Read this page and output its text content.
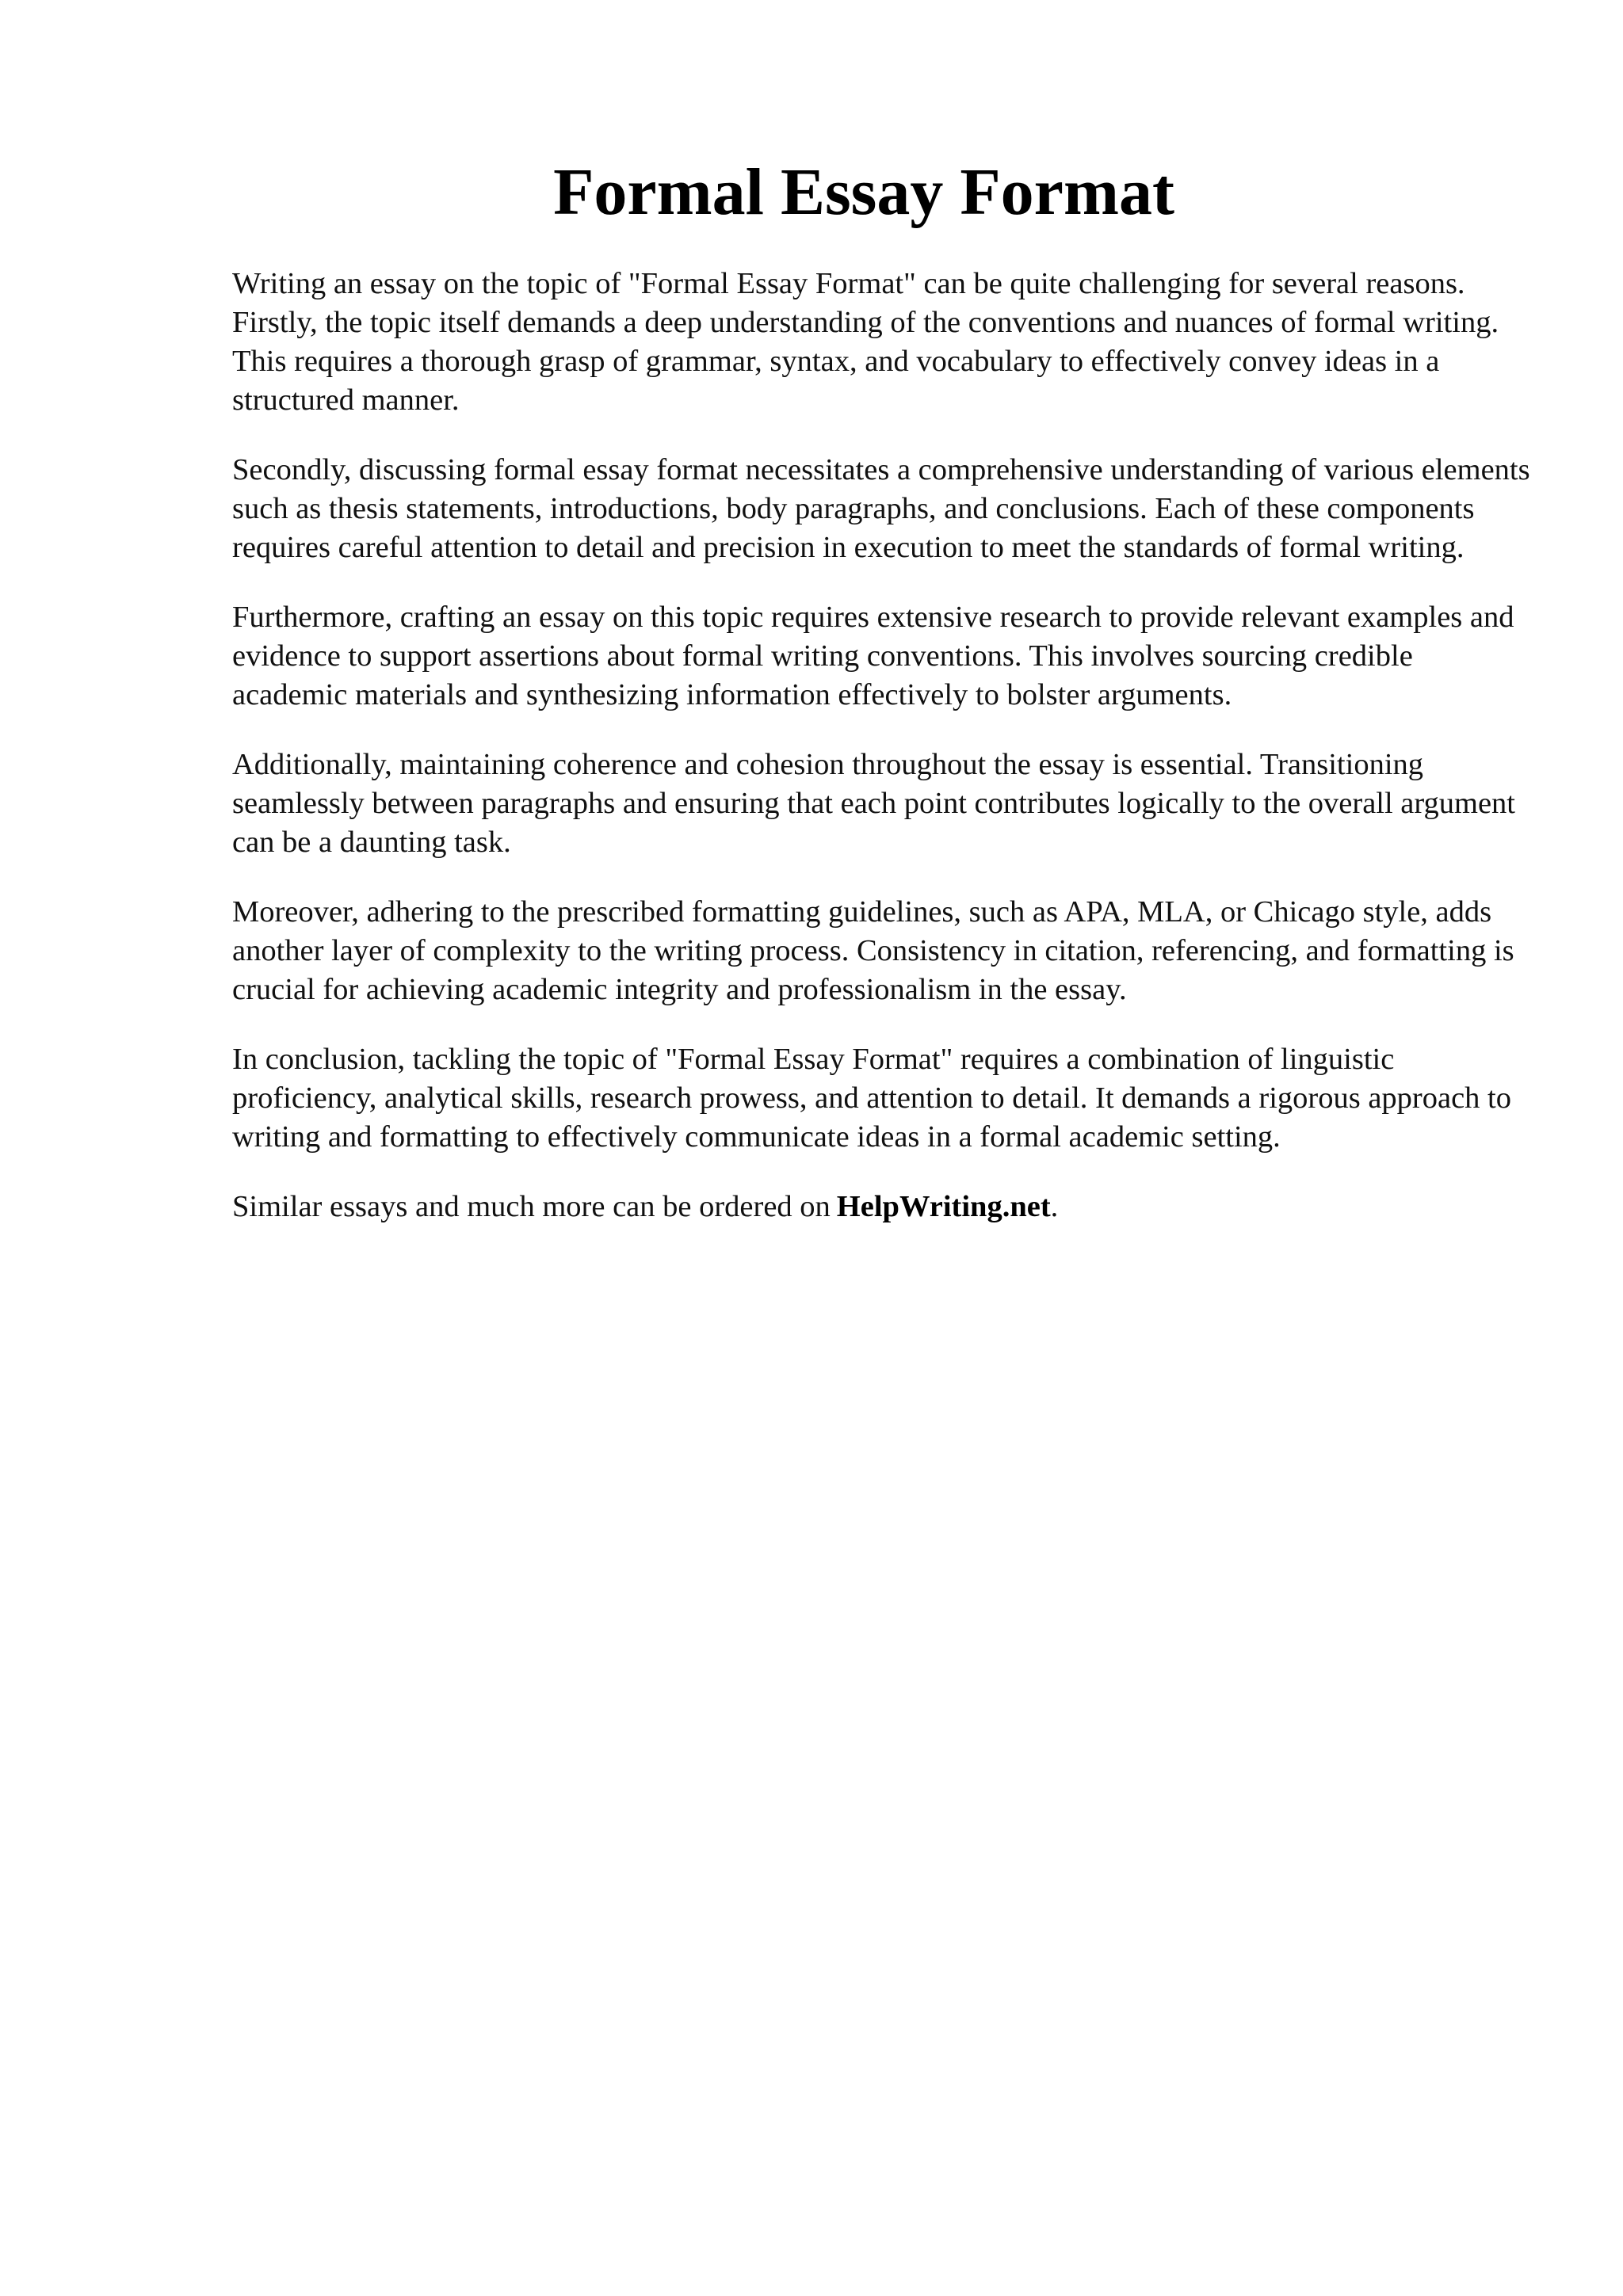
Formal Essay Format

Writing an essay on the topic of "Formal Essay Format" can be quite challenging for several reasons. Firstly, the topic itself demands a deep understanding of the conventions and nuances of formal writing. This requires a thorough grasp of grammar, syntax, and vocabulary to effectively convey ideas in a structured manner.

Secondly, discussing formal essay format necessitates a comprehensive understanding of various elements such as thesis statements, introductions, body paragraphs, and conclusions. Each of these components requires careful attention to detail and precision in execution to meet the standards of formal writing.

Furthermore, crafting an essay on this topic requires extensive research to provide relevant examples and evidence to support assertions about formal writing conventions. This involves sourcing credible academic materials and synthesizing information effectively to bolster arguments.

Additionally, maintaining coherence and cohesion throughout the essay is essential. Transitioning seamlessly between paragraphs and ensuring that each point contributes logically to the overall argument can be a daunting task.

Moreover, adhering to the prescribed formatting guidelines, such as APA, MLA, or Chicago style, adds another layer of complexity to the writing process. Consistency in citation, referencing, and formatting is crucial for achieving academic integrity and professionalism in the essay.

In conclusion, tackling the topic of "Formal Essay Format" requires a combination of linguistic proficiency, analytical skills, research prowess, and attention to detail. It demands a rigorous approach to writing and formatting to effectively communicate ideas in a formal academic setting.

Similar essays and much more can be ordered on HelpWriting.net.
